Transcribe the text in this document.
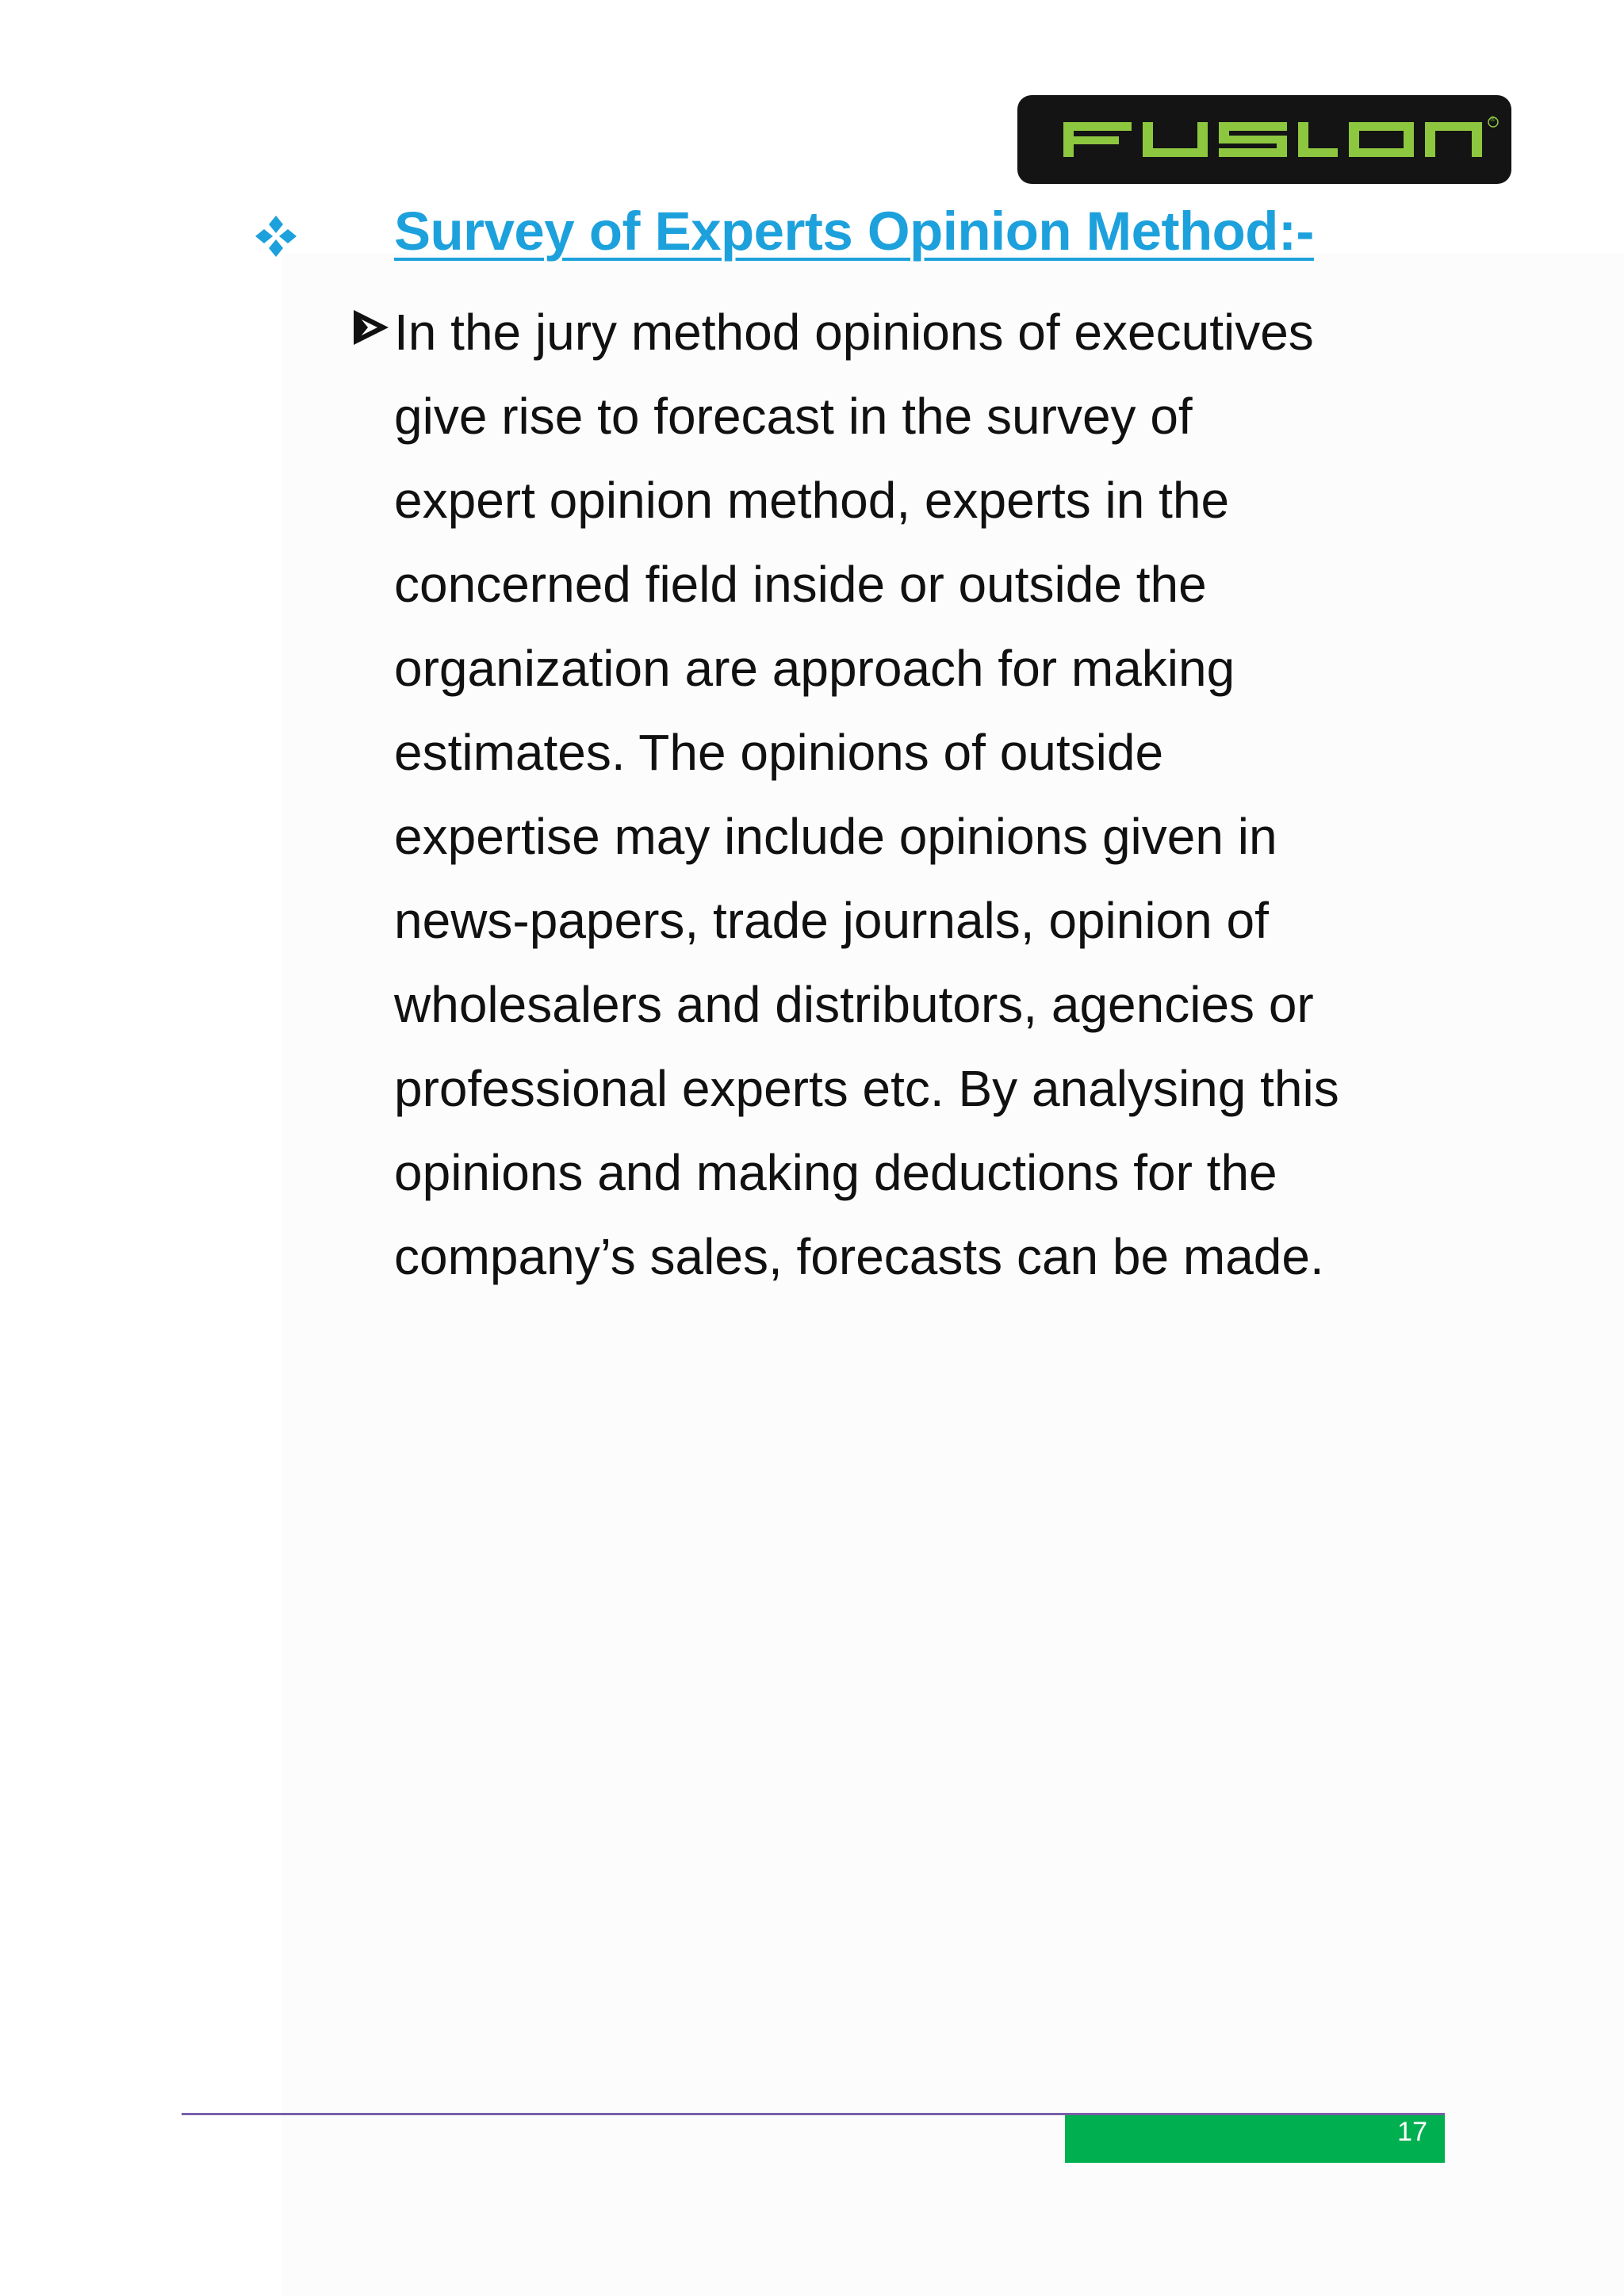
®
Survey of Experts Opinion Method:-
In the jury method opinions of executives
give rise to forecast in the survey of
expert opinion method, experts in the
concerned field inside or outside the
organization are approach for making
estimates. The opinions of outside
expertise may include opinions given in
news-papers, trade journals, opinion of
wholesalers and distributors, agencies or
professional experts etc. By analysing this
opinions and making deductions for the
company’s sales, forecasts can be made.
17
